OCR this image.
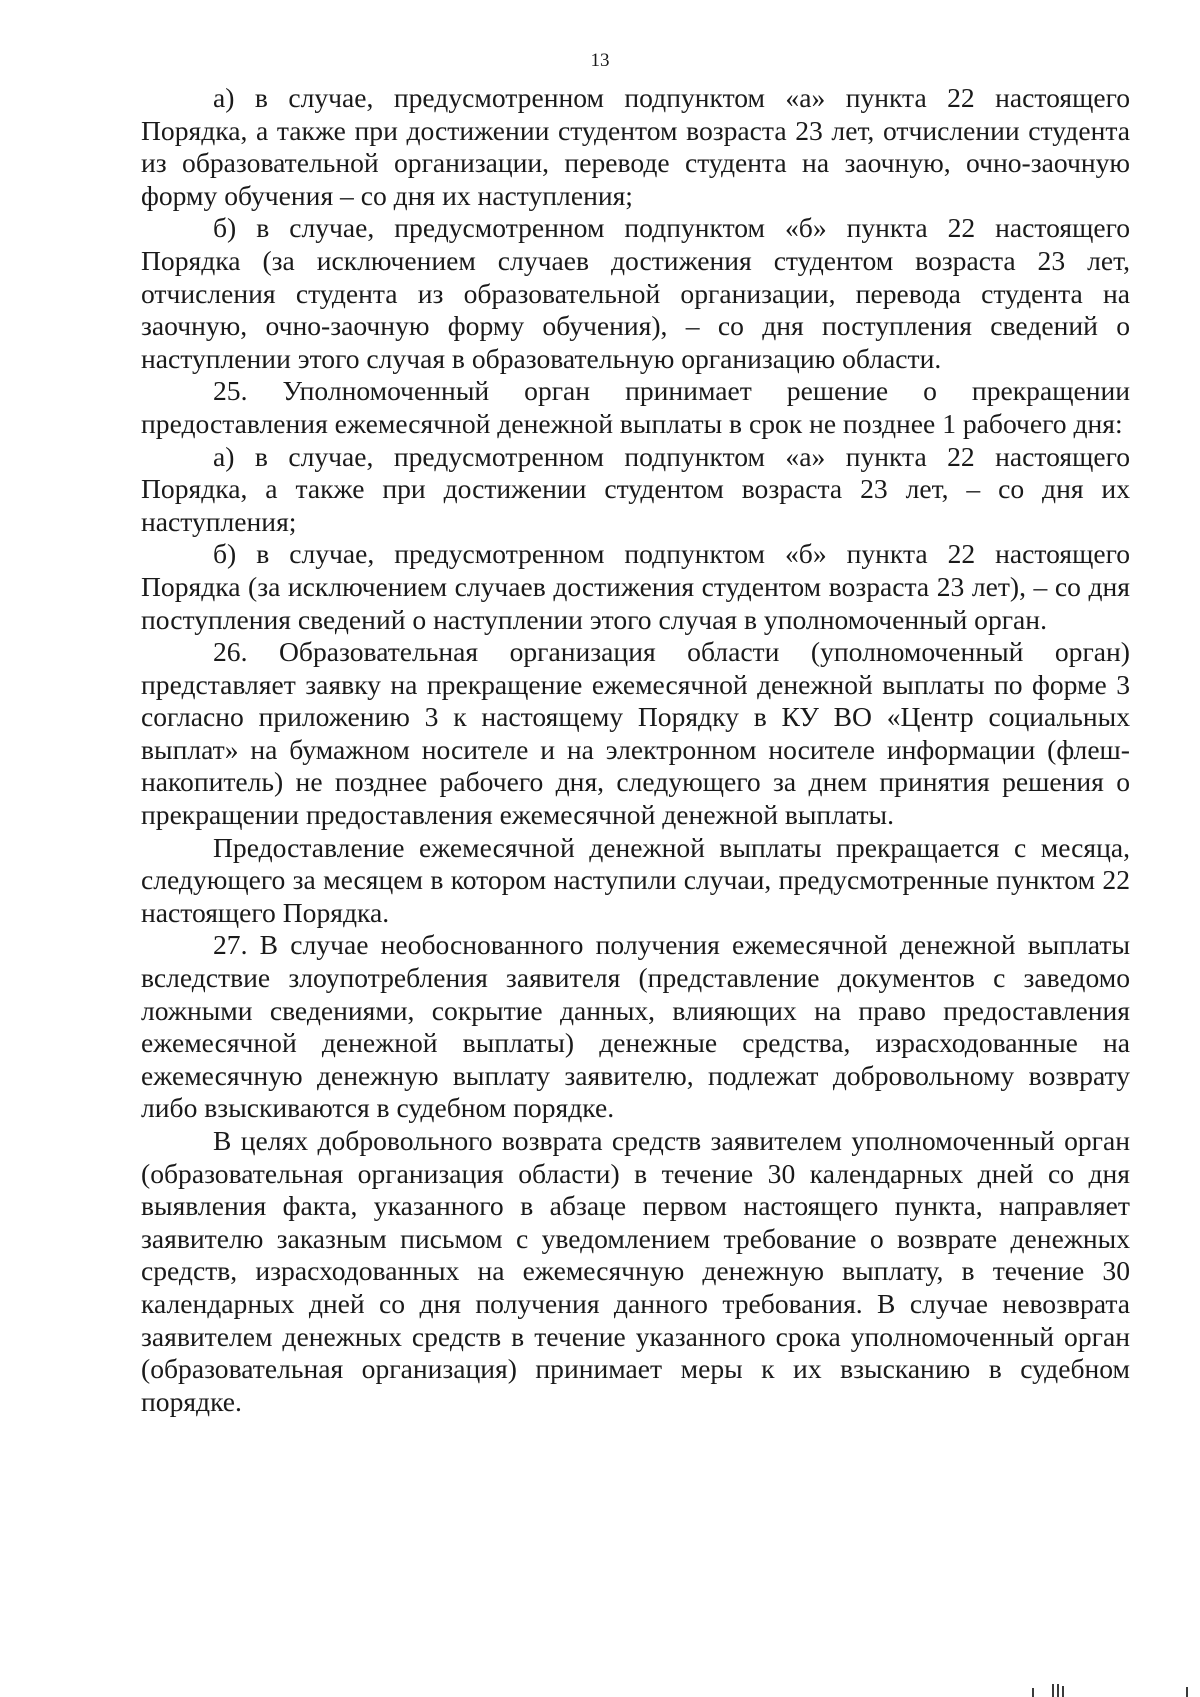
13

а) в случае, предусмотренном подпунктом «а» пункта 22 настоящего Порядка, а также при достижении студентом возраста 23 лет, отчислении студента из образовательной организации, переводе студента на заочную, очно-заочную форму обучения – со дня их наступления;

б) в случае, предусмотренном подпунктом «б» пункта 22 настоящего Порядка (за исключением случаев достижения студентом возраста 23 лет, отчисления студента из образовательной организации, перевода студента на заочную, очно-заочную форму обучения), – со дня поступления сведений о наступлении этого случая в образовательную организацию области.

25. Уполномоченный орган принимает решение о прекращении предоставления ежемесячной денежной выплаты в срок не позднее 1 рабочего дня:

а) в случае, предусмотренном подпунктом «а» пункта 22 настоящего Порядка, а также при достижении студентом возраста 23 лет, – со дня их наступления;

б) в случае, предусмотренном подпунктом «б» пункта 22 настоящего Порядка (за исключением случаев достижения студентом возраста 23 лет), – со дня поступления сведений о наступлении этого случая в уполномоченный орган.

26. Образовательная организация области (уполномоченный орган) представляет заявку на прекращение ежемесячной денежной выплаты по форме 3 согласно приложению 3 к настоящему Порядку в КУ ВО «Центр социальных выплат» на бумажном носителе и на электронном носителе информации (флеш-накопитель) не позднее рабочего дня, следующего за днем принятия решения о прекращении предоставления ежемесячной денежной выплаты.

Предоставление ежемесячной денежной выплаты прекращается с месяца, следующего за месяцем в котором наступили случаи, предусмотренные пунктом 22 настоящего Порядка.

27. В случае необоснованного получения ежемесячной денежной выплаты вследствие злоупотребления заявителя (представление документов с заведомо ложными сведениями, сокрытие данных, влияющих на право предоставления ежемесячной денежной выплаты) денежные средства, израсходованные на ежемесячную денежную выплату заявителю, подлежат добровольному возврату либо взыскиваются в судебном порядке.

В целях добровольного возврата средств заявителем уполномоченный орган (образовательная организация области) в течение 30 календарных дней со дня выявления факта, указанного в абзаце первом настоящего пункта, направляет заявителю заказным письмом с уведомлением требование о возврате денежных средств, израсходованных на ежемесячную денежную выплату, в течение 30 календарных дней со дня получения данного требования. В случае невозврата заявителем денежных средств в течение указанного срока уполномоченный орган (образовательная организация) принимает меры к их взысканию в судебном порядке.
